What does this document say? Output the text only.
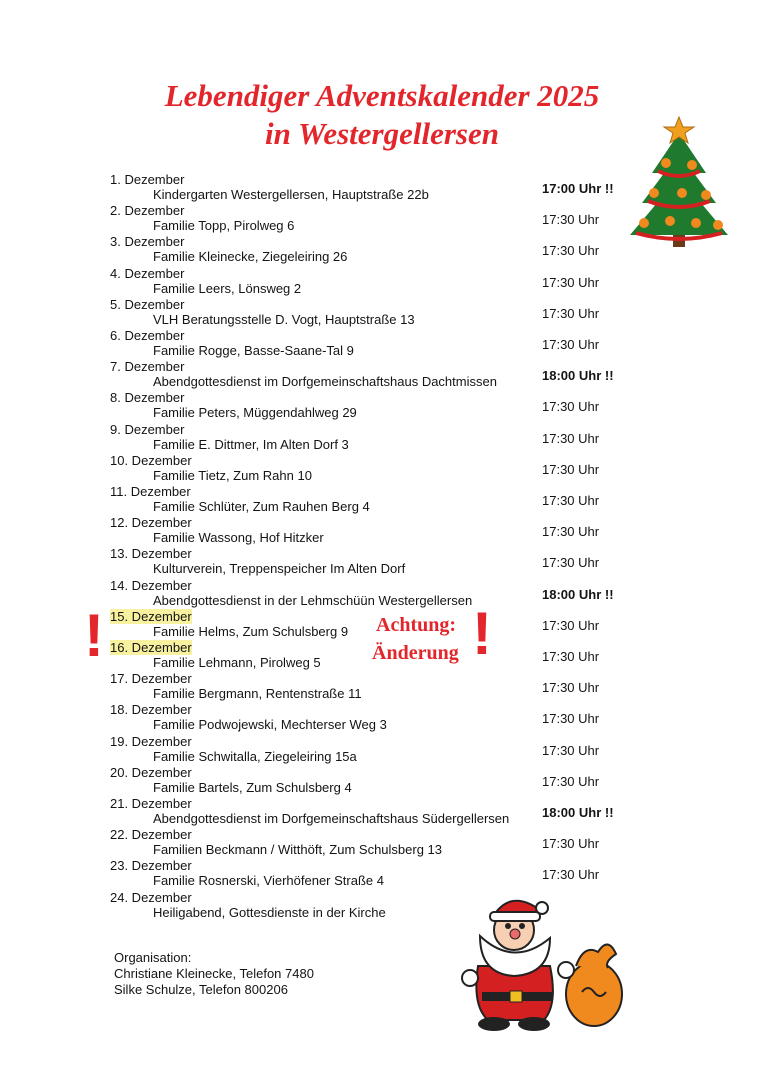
Lebendiger Adventskalender 2025
in Westergellersen
1. Dezember
Kindergarten Westergellersen, Hauptstraße 22b	17:00 Uhr !!
2. Dezember
Familie Topp, Pirolweg 6	17:30 Uhr
3. Dezember
Familie Kleinecke, Ziegeleiring 26	17:30 Uhr
4. Dezember
Familie Leers, Lönsweg 2	17:30 Uhr
5. Dezember
VLH Beratungsstelle D. Vogt, Hauptstraße 13	17:30 Uhr
6. Dezember
Familie Rogge, Basse-Saane-Tal 9	17:30 Uhr
7. Dezember
Abendgottesdienst im Dorfgemeinschaftshaus Dachtmissen	18:00 Uhr !!
8. Dezember
Familie Peters, Müggendahlweg 29	17:30 Uhr
9. Dezember
Familie E. Dittmer, Im Alten Dorf 3	17:30 Uhr
10. Dezember
Familie Tietz, Zum Rahn 10	17:30 Uhr
11. Dezember
Familie Schlüter, Zum Rauhen Berg 4	17:30 Uhr
12. Dezember
Familie Wassong, Hof Hitzker	17:30 Uhr
13. Dezember
Kulturverein, Treppenspeicher Im Alten Dorf	17:30 Uhr
14. Dezember
Abendgottesdienst in der Lehmschüün Westergellersen	18:00 Uhr !!
15. Dezember
Familie Helms, Zum Schulsberg 9	17:30 Uhr
16. Dezember
Familie Lehmann, Pirolweg 5	17:30 Uhr
17. Dezember
Familie Bergmann, Rentenstraße 11	17:30 Uhr
18. Dezember
Familie Podwojewski, Mechterser Weg 3	17:30 Uhr
19. Dezember
Familie Schwitalla, Ziegeleiring 15a	17:30 Uhr
20. Dezember
Familie Bartels, Zum Schulsberg 4	17:30 Uhr
21. Dezember
Abendgottesdienst im Dorfgemeinschaftshaus Südergellersen	18:00 Uhr !!
22. Dezember
Familien Beckmann / Witthöft, Zum Schulsberg 13	17:30 Uhr
23. Dezember
Familie Rosnerski, Vierhöfener Straße 4	17:30 Uhr
24. Dezember
Heiligabend, Gottesdienste in der Kirche
!	Achtung:
Änderung !
Organisation:
Christiane Kleinecke, Telefon 7480
Silke Schulze, Telefon 800206
